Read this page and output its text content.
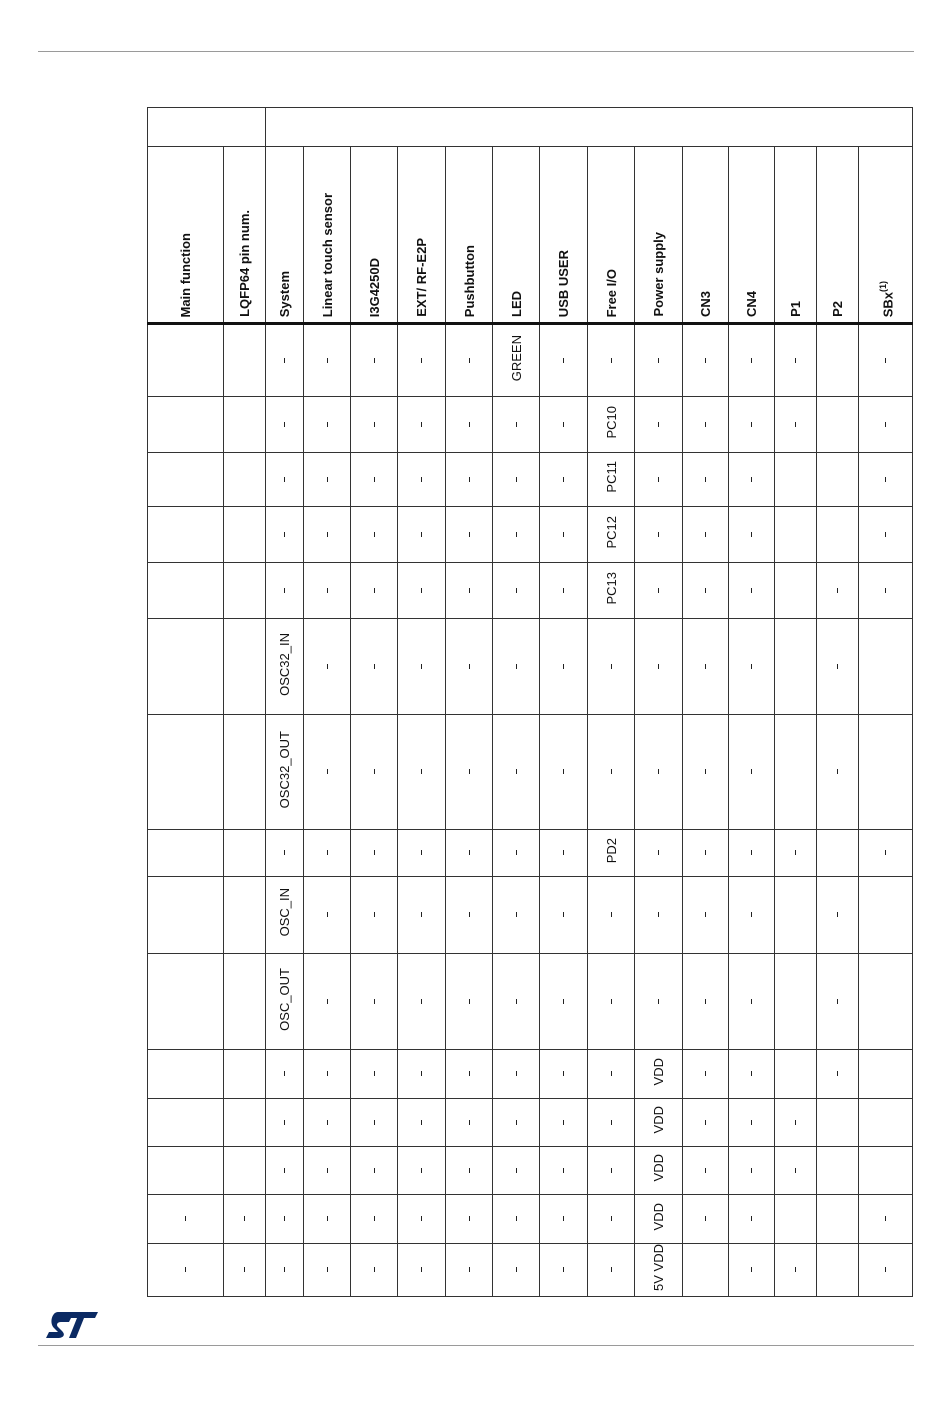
Main function	LQFP64 pin num.	System	Linear touch sensor	I3G4250D	EXT/ RF-E2P	Pushbutton	LED	USB USER	Free I/O	Power supply	CN3	CN4	P1	P2	SBx$^{(1)}$
							GREEN								
									PC10						
									PC11						
									PC12						
									PC13						
		OSC32_IN													
		OSC32_OUT													
									PD2						
		OSC_IN													
		OSC_OUT													
										VDD					
										VDD					
										VDD					
										VDD					
										5V VDD					
